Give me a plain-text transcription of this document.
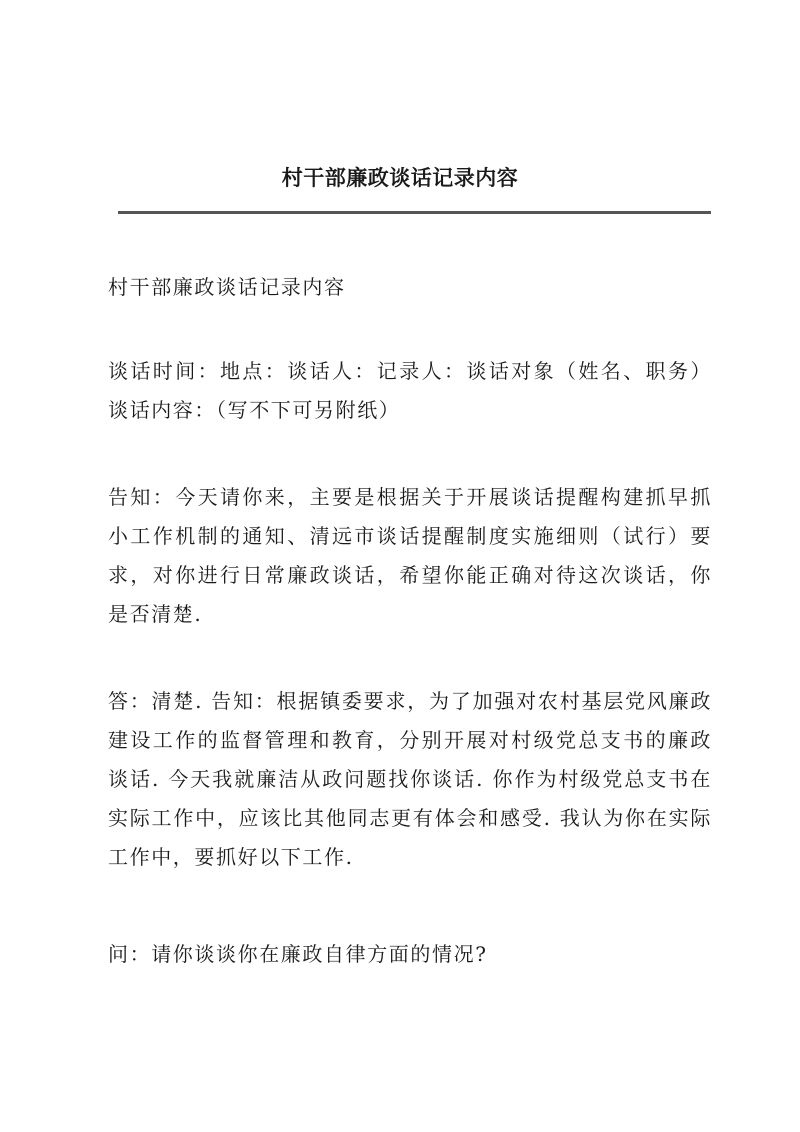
村干部廉政谈话记录内容

村干部廉政谈话记录内容

谈话时间：地点：谈话人：记录人：谈话对象（姓名、职务）谈话内容：（写不下可另附纸）

告知：今天请你来，主要是根据关于开展谈话提醒构建抓早抓小工作机制的通知、清远市谈话提醒制度实施细则（试行）要求，对你进行日常廉政谈话，希望你能正确对待这次谈话，你是否清楚.

答：清楚. 告知：根据镇委要求，为了加强对农村基层党风廉政建设工作的监督管理和教育，分别开展对村级党总支书的廉政谈话. 今天我就廉洁从政问题找你谈话. 你作为村级党总支书在实际工作中，应该比其他同志更有体会和感受. 我认为你在实际工作中，要抓好以下工作.

问：请你谈谈你在廉政自律方面的情况?
